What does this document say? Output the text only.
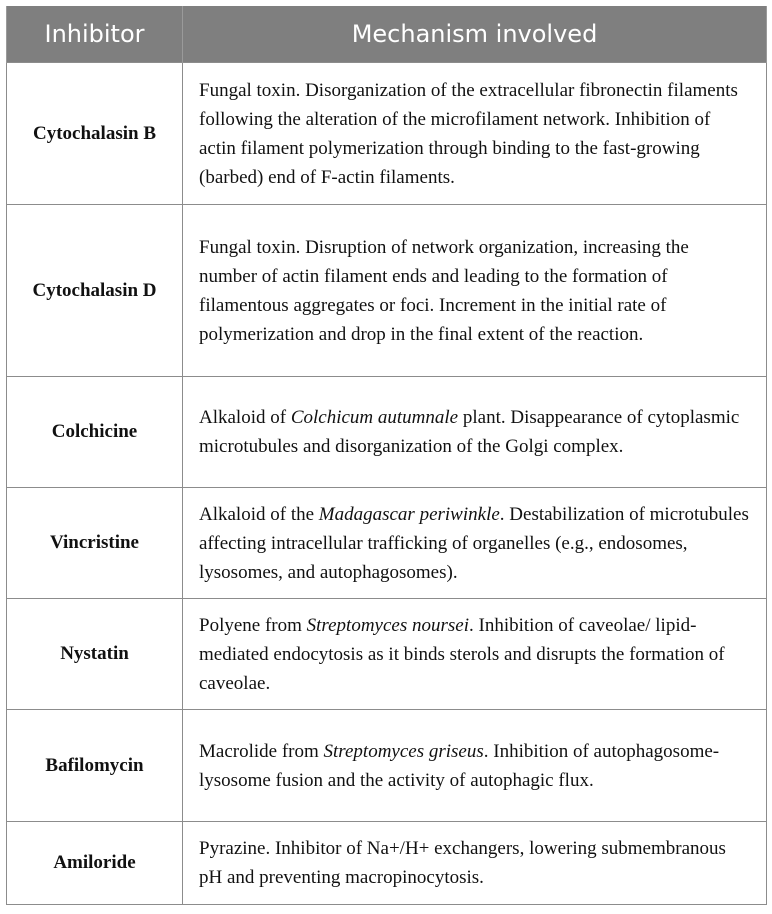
Inhibitor	Mechanism involved
Cytochalasin B	Fungal toxin. Disorganization of the extracellular fibronectin filaments following the alteration of the microfilament network. Inhibition of actin filament polymerization through binding to the fast-growing (barbed) end of F-actin filaments.
Cytochalasin D	Fungal toxin. Disruption of network organization, increasing the number of actin filament ends and leading to the formation of filamentous aggregates or foci. Increment in the initial rate of polymerization and drop in the final extent of the reaction.
Colchicine	Alkaloid of Colchicum autumnale plant. Disappearance of cytoplasmic microtubules and disorganization of the Golgi complex.
Vincristine	Alkaloid of the Madagascar periwinkle. Destabilization of microtubules affecting intracellular trafficking of organelles (e.g., endosomes, lysosomes, and autophagosomes).
Nystatin	Polyene from Streptomyces noursei. Inhibition of caveolae/ lipid-mediated endocytosis as it binds sterols and disrupts the formation of caveolae.
Bafilomycin	Macrolide from Streptomyces griseus. Inhibition of autophagosome-lysosome fusion and the activity of autophagic flux.
Amiloride	Pyrazine. Inhibitor of Na+/H+ exchangers, lowering submembranous pH and preventing macropinocytosis.
